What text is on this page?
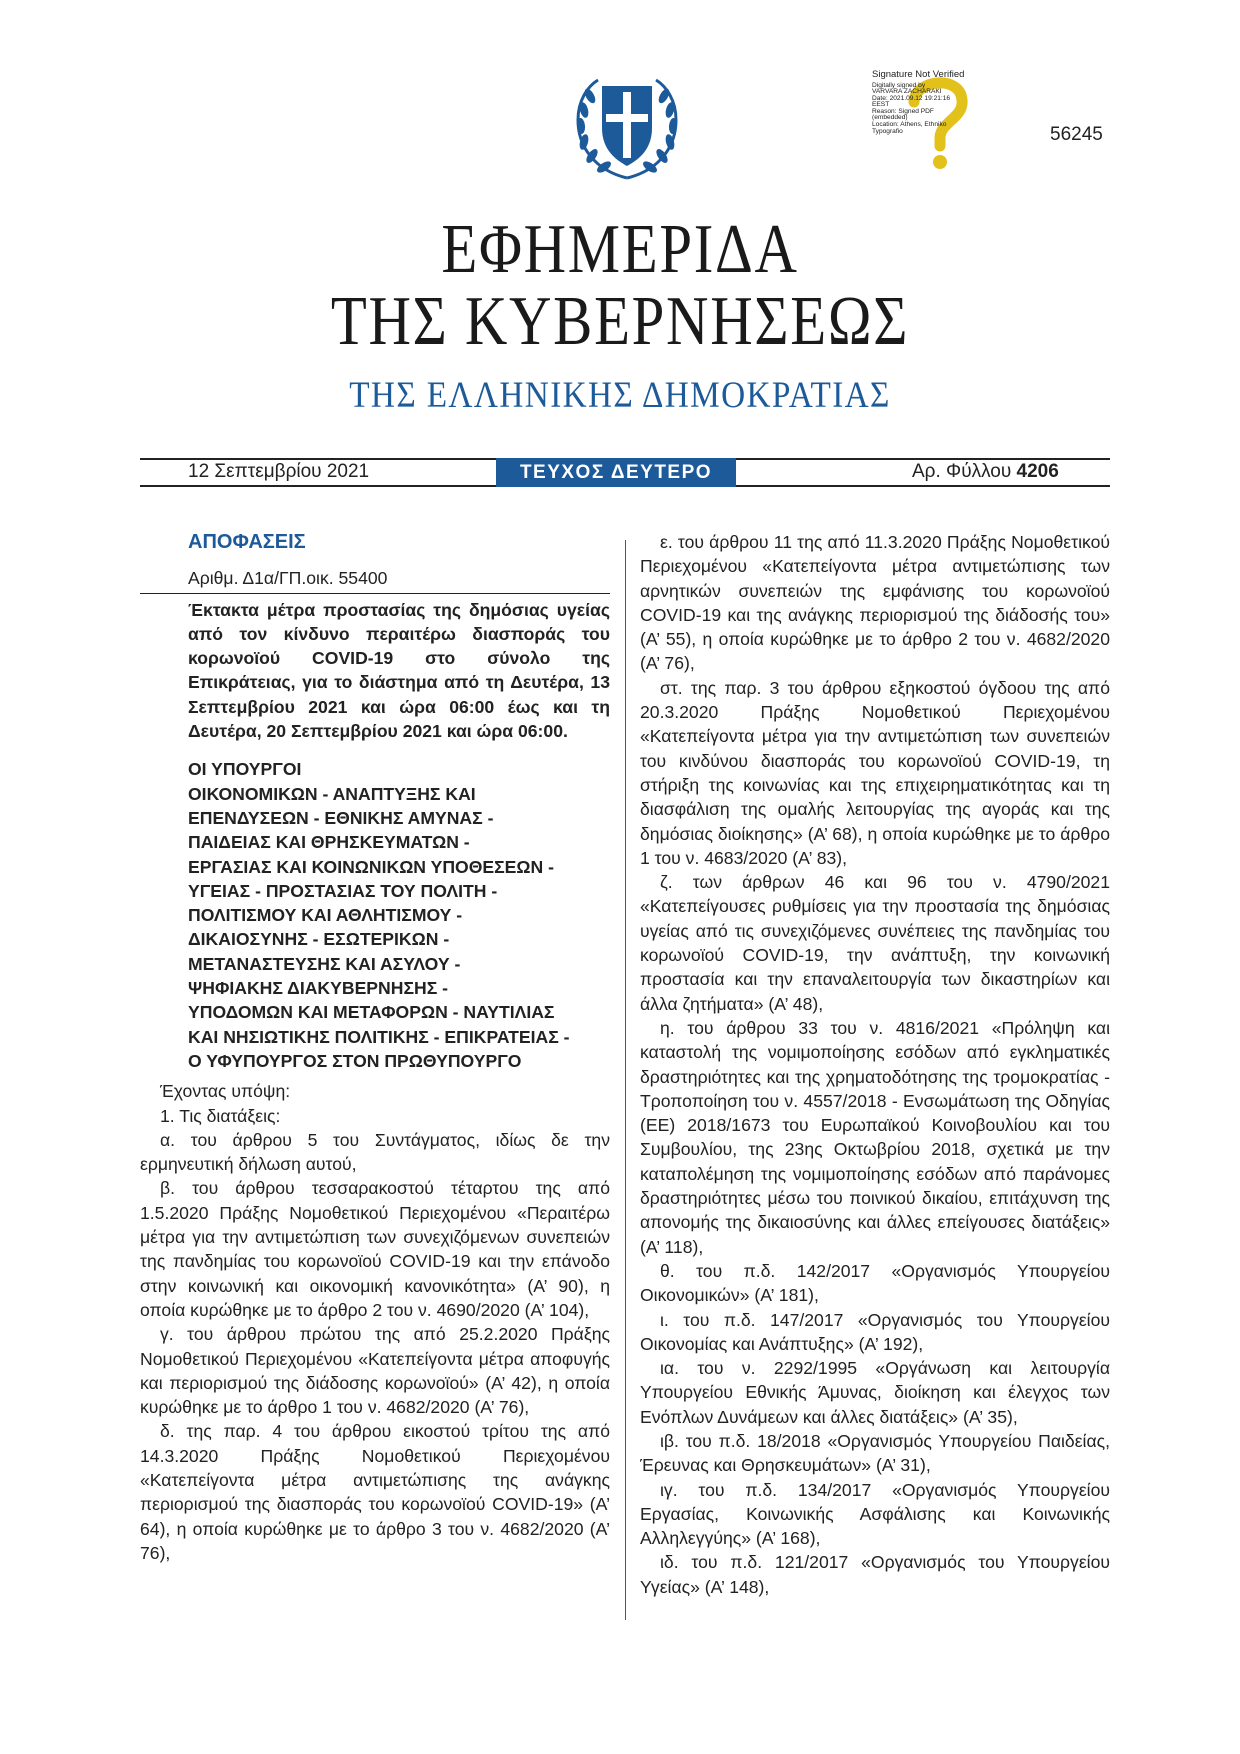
Signature Not Verified
Digitally signed by
VARVARA ZACHARAKI
Date: 2021.09.12 19:21:16
EEST
Reason: Signed PDF
(embedded)
Location: Athens, Ethniko
Typografio	56245
ΕΦΗΜΕΡΙΔΑ
ΤΗΣ ΚΥΒΕΡΝΗΣΕΩΣ
ΤΗΣ ΕΛΛΗΝΙΚΗΣ ΔΗΜΟΚΡΑΤΙΑΣ
12 Σεπτεμβρίου 2021	ΤΕΥΧΟΣ ΔΕΥΤΕΡΟ	Αρ. Φύλλου 4206
ΑΠΟΦΑΣΕΙΣ
Αριθμ. Δ1α/ΓΠ.οικ. 55400
Έκτακτα μέτρα προστασίας της δημόσιας υγείας από τον κίνδυνο περαιτέρω διασποράς του κορωνοϊού COVID-19 στο σύνολο της Επικράτειας, για το διάστημα από τη Δευτέρα, 13 Σεπτεμβρίου 2021 και ώρα 06:00 έως και τη Δευτέρα, 20 Σεπτεμβρίου 2021 και ώρα 06:00.
ΟΙ ΥΠΟΥΡΓΟΙ
ΟΙΚΟΝΟΜΙΚΩΝ - ΑΝΑΠΤΥΞΗΣ ΚΑΙ
ΕΠΕΝΔΥΣΕΩΝ - ΕΘΝΙΚΗΣ ΑΜΥΝΑΣ -
ΠΑΙΔΕΙΑΣ ΚΑΙ ΘΡΗΣΚΕΥΜΑΤΩΝ -
ΕΡΓΑΣΙΑΣ ΚΑΙ ΚΟΙΝΩΝΙΚΩΝ ΥΠΟΘΕΣΕΩΝ -
ΥΓΕΙΑΣ - ΠΡΟΣΤΑΣΙΑΣ ΤΟΥ ΠΟΛΙΤΗ -
ΠΟΛΙΤΙΣΜΟΥ ΚΑΙ ΑΘΛΗΤΙΣΜΟΥ -
ΔΙΚΑΙΟΣΥΝΗΣ - ΕΣΩΤΕΡΙΚΩΝ -
ΜΕΤΑΝΑΣΤΕΥΣΗΣ ΚΑΙ ΑΣΥΛΟΥ -
ΨΗΦΙΑΚΗΣ ΔΙΑΚΥΒΕΡΝΗΣΗΣ -
ΥΠΟΔΟΜΩΝ ΚΑΙ ΜΕΤΑΦΟΡΩΝ - ΝΑΥΤΙΛΙΑΣ
ΚΑΙ ΝΗΣΙΩΤΙΚΗΣ ΠΟΛΙΤΙΚΗΣ - ΕΠΙΚΡΑΤΕΙΑΣ -
Ο ΥΦΥΠΟΥΡΓΟΣ ΣΤΟΝ ΠΡΩΘΥΠΟΥΡΓΟ

Έχοντας υπόψη:

1. Τις διατάξεις:

α. του άρθρου 5 του Συντάγματος, ιδίως δε την ερμηνευτική δήλωση αυτού,

β. του άρθρου τεσσαρακοστού τέταρτου της από 1.5.2020 Πράξης Νομοθετικού Περιεχομένου «Περαιτέρω μέτρα για την αντιμετώπιση των συνεχιζόμενων συνεπειών της πανδημίας του κορωνοϊού COVID-19 και την επάνοδο στην κοινωνική και οικονομική κανονικότητα» (Α’ 90), η οποία κυρώθηκε με το άρθρο 2 του ν. 4690/2020 (Α’ 104),

γ. του άρθρου πρώτου της από 25.2.2020 Πράξης Νομοθετικού Περιεχομένου «Κατεπείγοντα μέτρα αποφυγής και περιορισμού της διάδοσης κορωνοϊού» (Α’ 42), η οποία κυρώθηκε με το άρθρο 1 του ν. 4682/2020 (Α’ 76),

δ. της παρ. 4 του άρθρου εικοστού τρίτου της από 14.3.2020 Πράξης Νομοθετικού Περιεχομένου «Κατεπείγοντα μέτρα αντιμετώπισης της ανάγκης περιορισμού της διασποράς του κορωνοϊού COVID-19» (Α’ 64), η οποία κυρώθηκε με το άρθρο 3 του ν. 4682/2020 (Α’ 76),

ε. του άρθρου 11 της από 11.3.2020 Πράξης Νομοθετικού Περιεχομένου «Κατεπείγοντα μέτρα αντιμετώπισης των αρνητικών συνεπειών της εμφάνισης του κορωνοϊού COVID-19 και της ανάγκης περιορισμού της διάδοσής του» (Α’ 55), η οποία κυρώθηκε με το άρθρο 2 του ν. 4682/2020 (Α’ 76),

στ. της παρ. 3 του άρθρου εξηκοστού όγδοου της από 20.3.2020 Πράξης Νομοθετικού Περιεχομένου «Κατεπείγοντα μέτρα για την αντιμετώπιση των συνεπειών του κινδύνου διασποράς του κορωνοϊού COVID-19, τη στήριξη της κοινωνίας και της επιχειρηματικότητας και τη διασφάλιση της ομαλής λειτουργίας της αγοράς και της δημόσιας διοίκησης» (Α’ 68), η οποία κυρώθηκε με το άρθρο 1 του ν. 4683/2020 (Α’ 83),

ζ. των άρθρων 46 και 96 του ν. 4790/2021 «Κατεπείγουσες ρυθμίσεις για την προστασία της δημόσιας υγείας από τις συνεχιζόμενες συνέπειες της πανδημίας του κορωνοϊού COVID-19, την ανάπτυξη, την κοινωνική προστασία και την επαναλειτουργία των δικαστηρίων και άλλα ζητήματα» (Α’ 48),

η. του άρθρου 33 του ν. 4816/2021 «Πρόληψη και καταστολή της νομιμοποίησης εσόδων από εγκληματικές δραστηριότητες και της χρηματοδότησης της τρομοκρατίας - Τροποποίηση του ν. 4557/2018 - Ενσωμάτωση της Οδηγίας (ΕΕ) 2018/1673 του Ευρωπαϊκού Κοινοβουλίου και του Συμβουλίου, της 23ης Οκτωβρίου 2018, σχετικά με την καταπολέμηση της νομιμοποίησης εσόδων από παράνομες δραστηριότητες μέσω του ποινικού δικαίου, επιτάχυνση της απονομής της δικαιοσύνης και άλλες επείγουσες διατάξεις» (Α’ 118),

θ. του π.δ. 142/2017 «Οργανισμός Υπουργείου Οικονομικών» (Α’ 181),

ι. του π.δ. 147/2017 «Οργανισμός του Υπουργείου Οικονομίας και Ανάπτυξης» (Α’ 192),

ια. του ν. 2292/1995 «Οργάνωση και λειτουργία Υπουργείου Εθνικής Άμυνας, διοίκηση και έλεγχος των Ενόπλων Δυνάμεων και άλλες διατάξεις» (Α’ 35),

ιβ. του π.δ. 18/2018 «Οργανισμός Υπουργείου Παιδείας, Έρευνας και Θρησκευμάτων» (Α’ 31),

ιγ. του π.δ. 134/2017 «Οργανισμός Υπουργείου Εργασίας, Κοινωνικής Ασφάλισης και Κοινωνικής Αλληλεγγύης» (Α’ 168),

ιδ. του π.δ. 121/2017 «Οργανισμός του Υπουργείου Υγείας» (Α’ 148),
